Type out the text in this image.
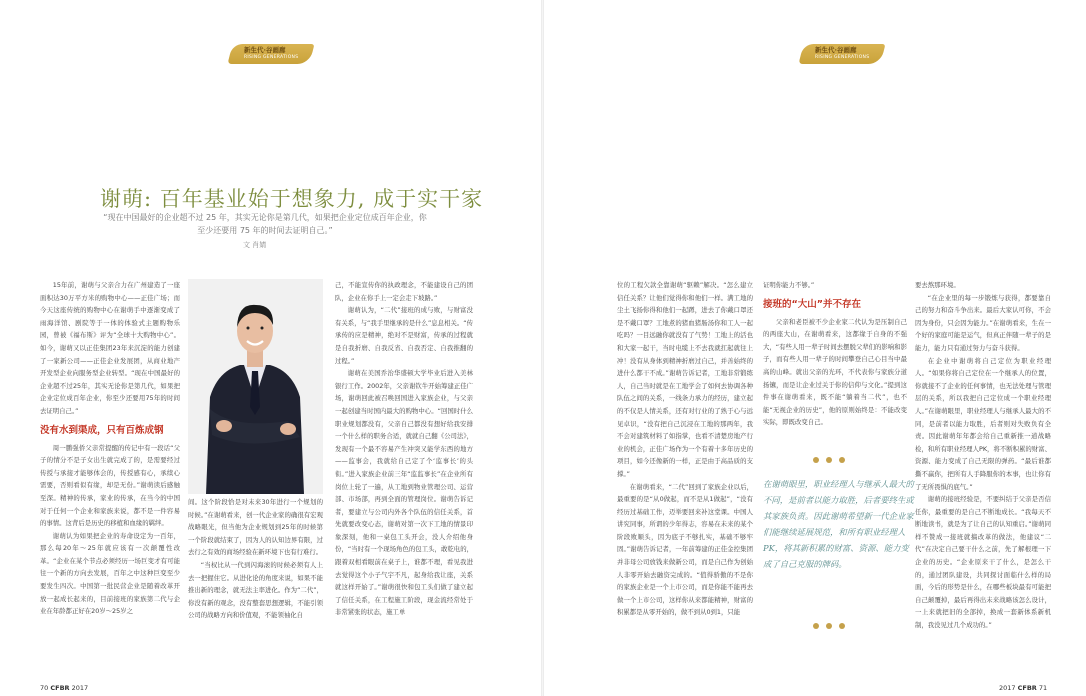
新生代·谷画廊
RISING GENERATIONS
谢萌: 百年基业始于想象力, 成于实干家
“现在中国最好的企业超不过 25 年，其实无论你是第几代，如果把企业定位成百年企业，你至少还要用 75 年的时间去证明自己。”
文 肖婧

15年前，谢萌与父亲合力在广州建造了一座面积达30万平方米的购物中心——正佳广场；而今天这座传统的购物中心在谢萌手中逐渐变成了雨海洋馆、剧院等于一体的体验式主题购物乐园，曾被《福布斯》评为“全球十大购物中心”。如今，谢萌又以正佳集团23年来沉淀的能力创建了一家新公司——正佳企业发展团，从商业地产开发型企业向服务型企业转型。“现在中国最好的企业超不过25年，其实无论你是第几代，如果把企业定位成百年企业，你至少还要用75年的时间去证明自己。”

没有水到渠成，只有百炼成钢

周一鹏强侨父亲常提醒的传记中有一段话“父子的情分不是子女出生就完成了的，是需要经过传授与承接才能够体会的，传授感有心，承续心需要，否则看似有缘，却是无份。”谢萌读后感触至深。精神的传承，家业的传承，在当今的中国对于任何一个企业和家族来说，都不是一件容易的事情。这背后是历史的移植和血缘的羁绊。

谢萌认为如果把企业的寿命设定为一百年，那么每20年～25年就应该有一次颠覆性改革。“企业在某个节点必须经历一场巨变才有可能往一个新的方向去发展，百年之中这种巨变至少要发生四次。中国第一批民营企业是随着改革开放一起成长起来的，目前接班的家族第二代与企业在年龄都正好在20岁～25岁之

间。这个阶段恰是对未来30年进行一个规划的时候。”在谢萌看来，创一代企业家的确很有宏观战略眼光，但当他为企业规划到25年的时候第一个阶段就结束了，因为人的认知边界有限，过去行之有效的商场经验在新环境下也有行难行。

“当权比从一代到闪海滚的时候必须有人上去一把握住它。从进化论的角度来说，如果不能推出新的理念，就无法主率进化。作为“二代”，你没有新的观念，没有整套思想逻辑，不能引领公司的战略方向和价值观，不能领袖化自

己，不能宣传你的执政理念，不能建设自己的团队，企业在你手上一定会走下坡路。”

谢萌认为，“二代”接班的成与败，与财富没有关系，与“我手里继承的是什么”息息相关。“传承传的应是精神，绝对不是财富，传承的过程就是自我折磨、自我反省、自我否定、自我推翻的过程。”

谢萌在美国乔治华盛顿大学毕业后进入美林银行工作。2002年，父亲谢钦牛开始筹建正佳广场，谢萌回此被召唤回国进入家族企业，与父亲一起创建当时国内最大的购物中心。“回国时什么职业规划都没有，父亲自己都没有想好给我安排一个什么样的职务合适，就就自己翻《公司法》，发现有一个最不容易产生冲突又能学东西的地方——监事会，我就给自己定了个‘监事长’的头衔。”进入家族企业前三年“监监事长”在企业所有岗位上轮了一遍，从工地到物业管理公司、运营部、市场部，再到全面的管理岗位。谢萌告诉记者，要建立与公司内外各个队伍的信任关系，首先就要改变心态，谢萌对第一次下工地的情景印象深刻，他和一桌包工头开会，没人介绍他身份，“当时有一个现场角色的包工头，敢乾电的，跟着双相看眼前在桌子上，谁都不理，看见我进去觉得这个小子气宇不凡，起身给我让座，关系就这样开始了。”谢萌很快和包工头们做了建立起了信任关系，在工程施工阶段，现金流经常处于非常紧张的状态，施工单

70 CFBR 2017
新生代·谷画廊
RISING GENERATIONS

位的工程欠款全靠谢萌“驱赖”解决。“怎么建立信任关系？让他们觉得你和他们一样。满工地的尘土飞扬你得和他们一起蹲，进去了你戴口罩还是不戴口罩？工地煮的猪血猪肠汤你和工人一起吃吗？一目远融你就没有了气势！工地上的活也和大家一起干，当时电缆上不去我就扛起就往上冲！没有从身体到精神折磨过自己，并善始终的进什么都干不成。”谢萌告诉记者，工地非常锻练人，自己当时就是在工地学会了如何去协调各种队伍之间的关系，一线条力承力的经历，建立起的不仅是人情关系，还有对行业的了熟于心与远见卓识，“没有把自己沉浸在工地的那两年，我不会对建筑材料了如指掌，也看不清楚房地产行业的机会，正佳广场作为一个有着十多年历史的项目，如今还像新的一样，正是由于高品质的支撑。”

在谢萌看来，“二代”回到了家族企业以后，最重要的是“从0做起，而不是从1做起”，“没有经历过基础工作，迈举要回来补这堂课。中国人讲究同事，所谓的少年得志，容易在未来的某个阶段败顺头，因为底子不够扎实，基础不够牢固。”谢萌告诉记者，一年前筹建的正佳金控集团并非母公司放钱来做新公司，而是自己作为创始人非零开始去融资完成的。“值得骄傲的不是你的家族企业是一个上市公司，而是你能不能再去做一个上市公司，这样你从来都能精神，财富的积累都是从零开始的，做不到从0到1，只能

证明你能力不够。”

接班的“大山”并不存在

父亲和老臣被不少企业家二代认为是压制自己的两座大山，在谢萌看来，这都缘于自身的不强大，“有些人用一辈子时间去摆脱父辈们的影响和影子，而有些人用一辈子的时间攀登自己心目当中最高的山峰。就出父亲的光环，不代表你与家族分道扬镳，而是让企业过关于你的信仰与文化。”提到这件事在谢萌看来，既不能“躺着当二代”，也不能“无视企业的历史”，他的原则始终是：不能改变实际，即既改变自己。

在谢萌眼里，职业经理人与继承人最大的不同，是前者以能力取胜，后者要终生或其家族负责。因此谢萌希望新一代企业家们能继续延展规范，和所有职业经理人PK，将其新积累的财富、资源、能力变成了自己克服的牌码。

要去熬那环境。

“在企业里的每一步锻炼与获得，都要靠自己的努力和奋斗争出来。最后大家认可你，不会因为身份，只会因为能力。”在谢萌看来，生在一个好的家庭可能是运气，但真正伴随一辈子的是能力，能力只有通过努力与奋斗获得。

在企业中谢萌将自己定位为职业经理人。“如果你将自己定位在一个继承人的位置，你就接不了企业的任何事情，也无法处理与管理层的关系，所以我把自己定位成一个职业经理人。”在谢萌眼里，职业经理人与继承人最大的不同，是前者以能力取胜，后者则对失败负有全责。因此谢萌年年都会给自己重新推一道战略检，和所有职业经理人PK，将不断积累的财富、资源、能力变成了自己无限的弹药。“最后谁都撕不赢你，把所有人手降服你的本事，也让你有了无所畏惧的底气。”

谢萌的接班经验是，不要纠结于父亲是否信任你，最重要的是自己不断地成长。“我每天不断地读书，就是为了让自己的认知重启。”谢萌同样不赞成一接班就搞改革的做法，他建议“二代”在决定自己要干什么之前，先了解根理一下企业的历史。“企业原来干了什么，是怎么干的，通过团队建设，共同探讨面临什么样的局面，今后的形势是什么，在哪些板块最有可能把自己颠覆掉，最后再得出未来战略该怎么设计，一上来就把旧的全部掉，换成一套新体系新机制，我没见过几个成功的。”

2017 CFBR 71
